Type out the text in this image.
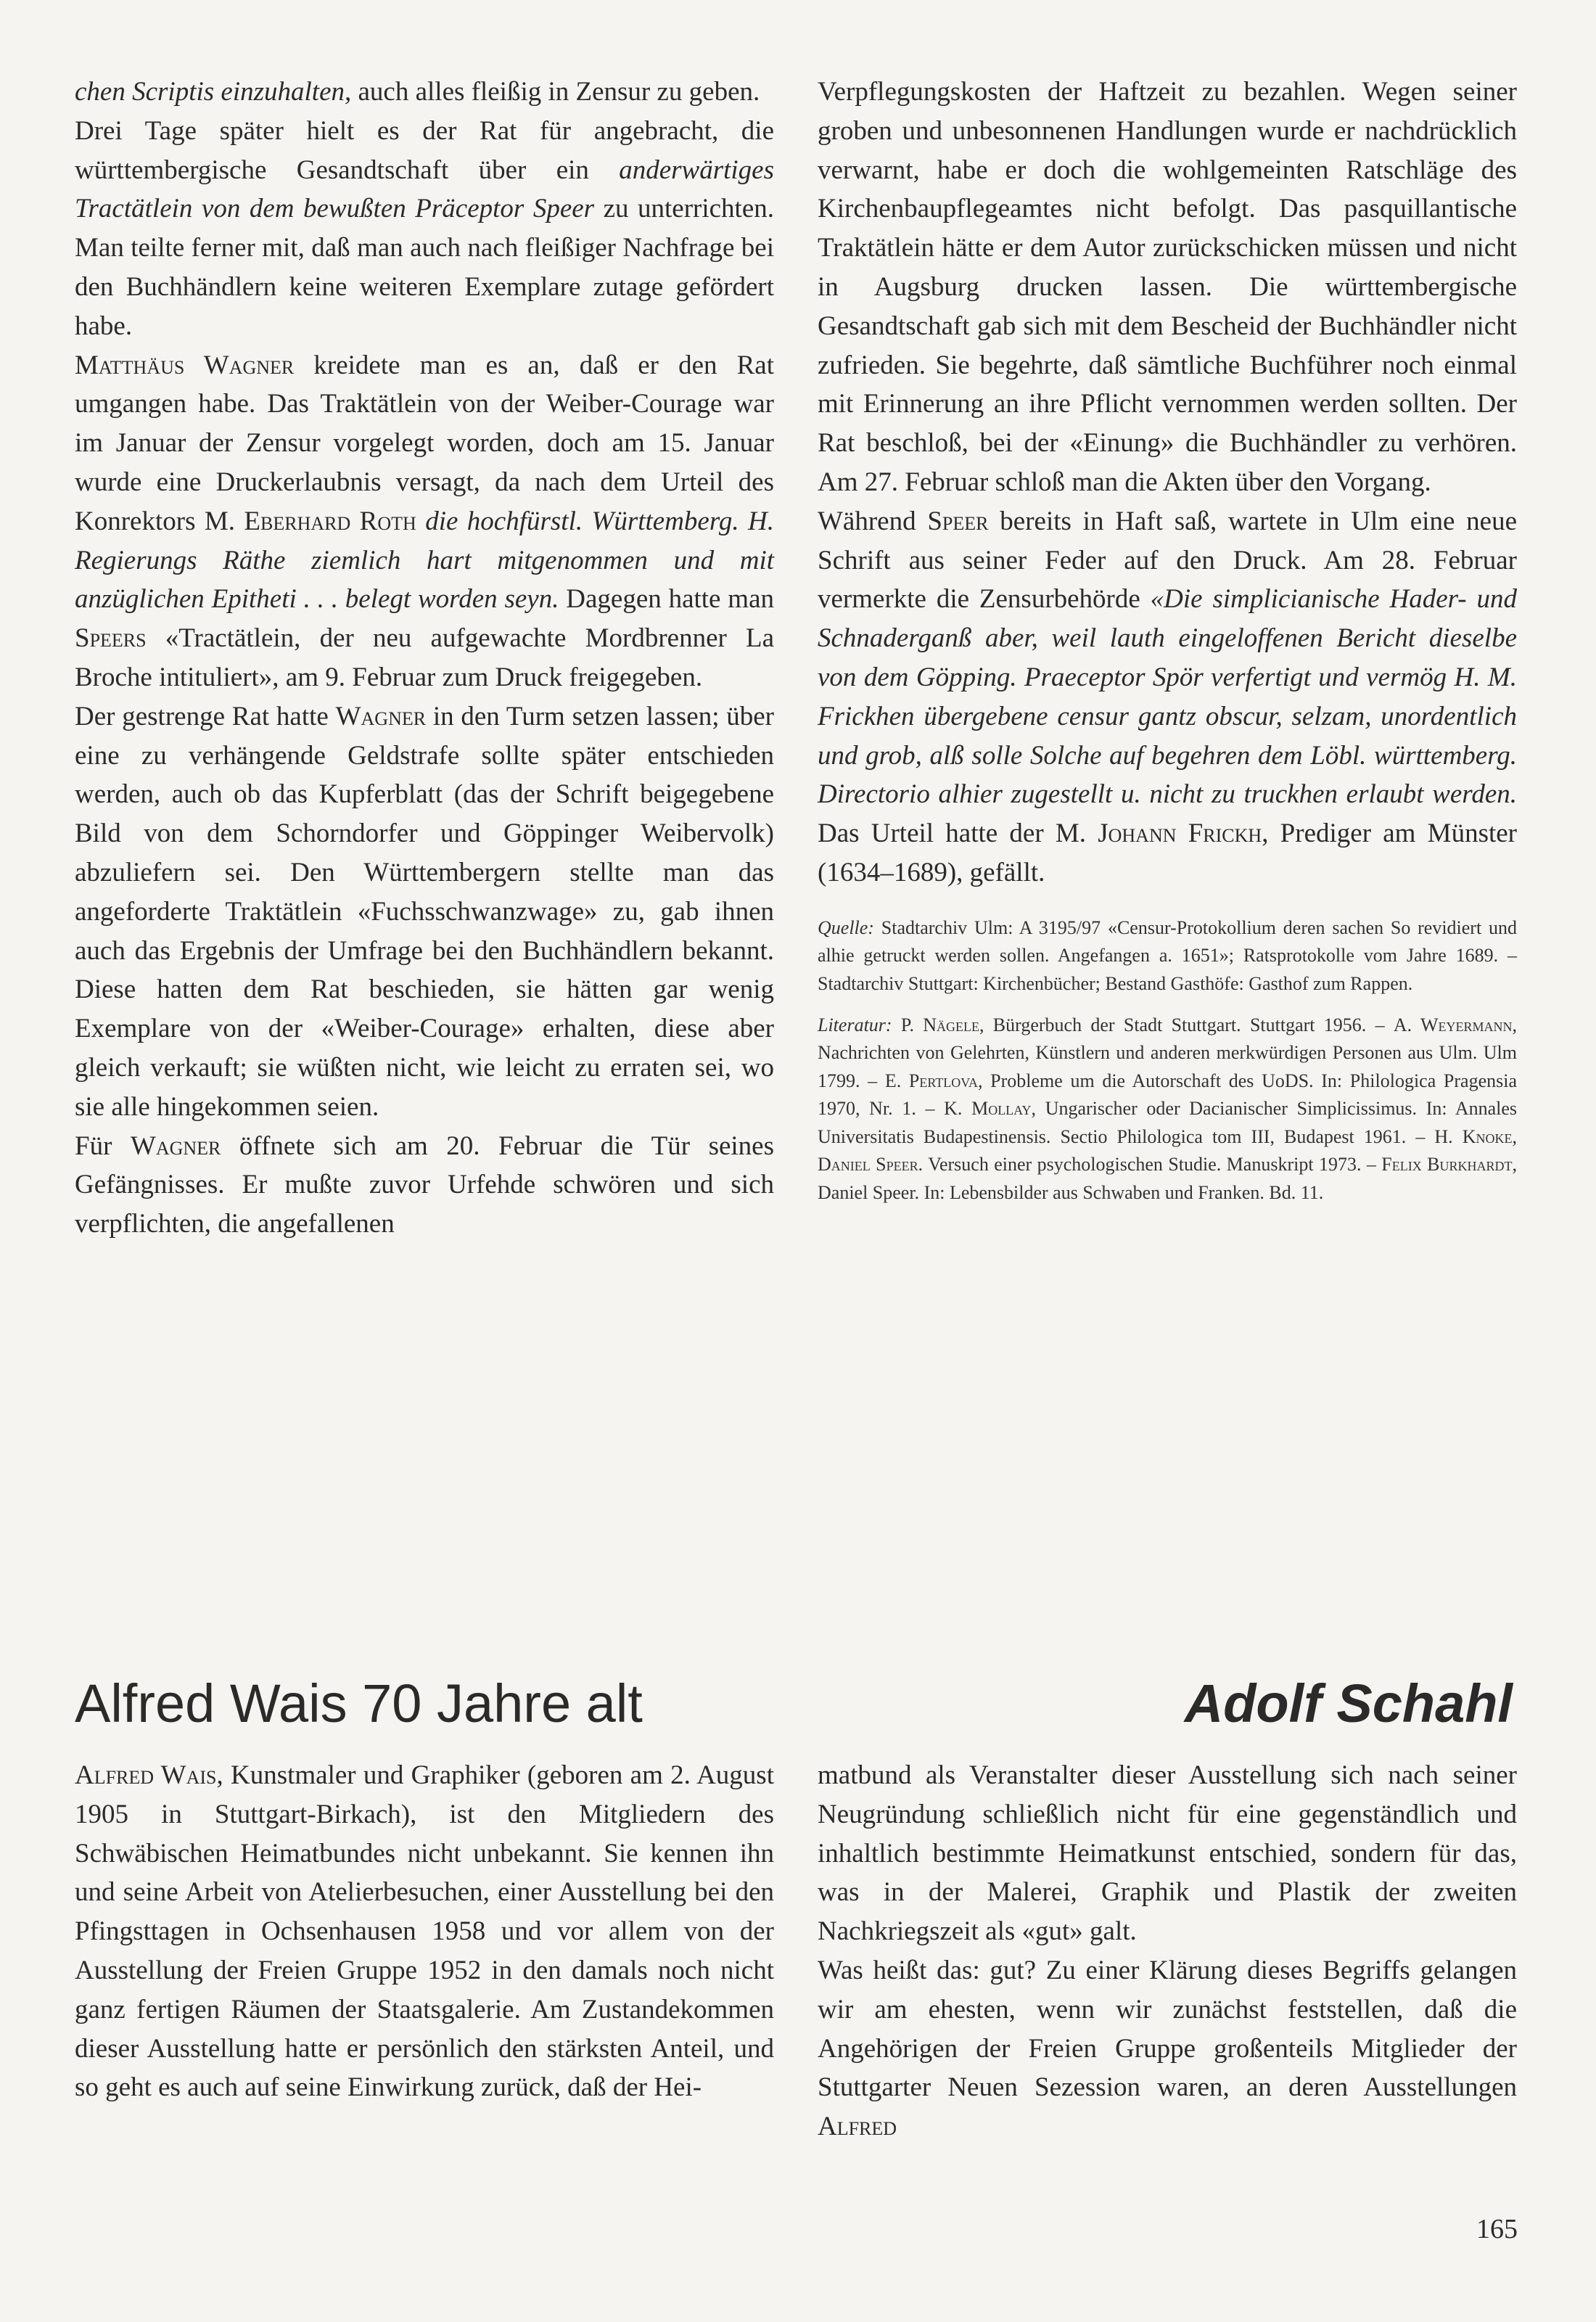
chen Scriptis einzuhalten, auch alles fleißig in Zensur zu geben.

Drei Tage später hielt es der Rat für angebracht, die württembergische Gesandtschaft über ein anderwärtiges Tractätlein von dem bewußten Präceptor Speer zu unterrichten. Man teilte ferner mit, daß man auch nach fleißiger Nachfrage bei den Buchhändlern keine weiteren Exemplare zutage gefördert habe.

Matthäus Wagner kreidete man es an, daß er den Rat umgangen habe. Das Traktätlein von der Weiber-Courage war im Januar der Zensur vorgelegt worden, doch am 15. Januar wurde eine Druckerlaubnis versagt, da nach dem Urteil des Konrektors M. Eberhard Roth die hochfürstl. Württemberg. H. Regierungs Räthe ziemlich hart mitgenommen und mit anzüglichen Epitheti . . . belegt worden seyn. Dagegen hatte man Speers «Tractätlein, der neu aufgewachte Mordbrenner La Broche intituliert», am 9. Februar zum Druck freigegeben.

Der gestrenge Rat hatte Wagner in den Turm setzen lassen; über eine zu verhängende Geldstrafe sollte später entschieden werden, auch ob das Kupferblatt (das der Schrift beigegebene Bild von dem Schorndorfer und Göppinger Weibervolk) abzuliefern sei. Den Württembergern stellte man das angeforderte Traktätlein «Fuchsschwanzwage» zu, gab ihnen auch das Ergebnis der Umfrage bei den Buchhändlern bekannt. Diese hatten dem Rat beschieden, sie hätten gar wenig Exemplare von der «Weiber-Courage» erhalten, diese aber gleich verkauft; sie wüßten nicht, wie leicht zu erraten sei, wo sie alle hingekommen seien.

Für Wagner öffnete sich am 20. Februar die Tür seines Gefängnisses. Er mußte zuvor Urfehde schwören und sich verpflichten, die angefallenen

Verpflegungskosten der Haftzeit zu bezahlen. Wegen seiner groben und unbesonnenen Handlungen wurde er nachdrücklich verwarnt, habe er doch die wohlgemeinten Ratschläge des Kirchenbaupflegeamtes nicht befolgt. Das pasquillantische Traktätlein hätte er dem Autor zurückschicken müssen und nicht in Augsburg drucken lassen. Die württembergische Gesandtschaft gab sich mit dem Bescheid der Buchhändler nicht zufrieden. Sie begehrte, daß sämtliche Buchführer noch einmal mit Erinnerung an ihre Pflicht vernommen werden sollten. Der Rat beschloß, bei der «Einung» die Buchhändler zu verhören. Am 27. Februar schloß man die Akten über den Vorgang.

Während Speer bereits in Haft saß, wartete in Ulm eine neue Schrift aus seiner Feder auf den Druck. Am 28. Februar vermerkte die Zensurbehörde «Die simplicianische Hader- und Schnaderganß aber, weil lauth eingeloffenen Bericht dieselbe von dem Göpping. Praeceptor Spör verfertigt und vermög H. M. Frickhen übergebene censur gantz obscur, selzam, unordentlich und grob, alß solle Solche auf begehren dem Löbl. württemberg. Directorio alhier zugestellt u. nicht zu truckhen erlaubt werden. Das Urteil hatte der M. Johann Frickh, Prediger am Münster (1634–1689), gefällt.

Quelle: Stadtarchiv Ulm: A 3195/97 «Censur-Protokollium deren sachen So revidiert und alhie getruckt werden sollen. Angefangen a. 1651»; Ratsprotokolle vom Jahre 1689. – Stadtarchiv Stuttgart: Kirchenbücher; Bestand Gasthöfe: Gasthof zum Rappen.

Literatur: P. Nägele, Bürgerbuch der Stadt Stuttgart. Stuttgart 1956. – A. Weyermann, Nachrichten von Gelehrten, Künstlern und anderen merkwürdigen Personen aus Ulm. Ulm 1799. – E. Pertlova, Probleme um die Autorschaft des UoDS. In: Philologica Pragensia 1970, Nr. 1. – K. Mollay, Ungarischer oder Dacianischer Simplicissimus. In: Annales Universitatis Budapestinensis. Sectio Philologica tom III, Budapest 1961. – H. Knoke, Daniel Speer. Versuch einer psychologischen Studie. Manuskript 1973. – Felix Burkhardt, Daniel Speer. In: Lebensbilder aus Schwaben und Franken. Bd. 11.

Alfred Wais 70 Jahre alt	Adolf Schahl

Alfred Wais, Kunstmaler und Graphiker (geboren am 2. August 1905 in Stuttgart-Birkach), ist den Mitgliedern des Schwäbischen Heimatbundes nicht unbekannt. Sie kennen ihn und seine Arbeit von Atelierbesuchen, einer Ausstellung bei den Pfingsttagen in Ochsenhausen 1958 und vor allem von der Ausstellung der Freien Gruppe 1952 in den damals noch nicht ganz fertigen Räumen der Staatsgalerie. Am Zustandekommen dieser Ausstellung hatte er persönlich den stärksten Anteil, und so geht es auch auf seine Einwirkung zurück, daß der Hei-

matbund als Veranstalter dieser Ausstellung sich nach seiner Neugründung schließlich nicht für eine gegenständlich und inhaltlich bestimmte Heimatkunst entschied, sondern für das, was in der Malerei, Graphik und Plastik der zweiten Nachkriegszeit als «gut» galt.

Was heißt das: gut? Zu einer Klärung dieses Begriffs gelangen wir am ehesten, wenn wir zunächst feststellen, daß die Angehörigen der Freien Gruppe großenteils Mitglieder der Stuttgarter Neuen Sezession waren, an deren Ausstellungen Alfred

165
